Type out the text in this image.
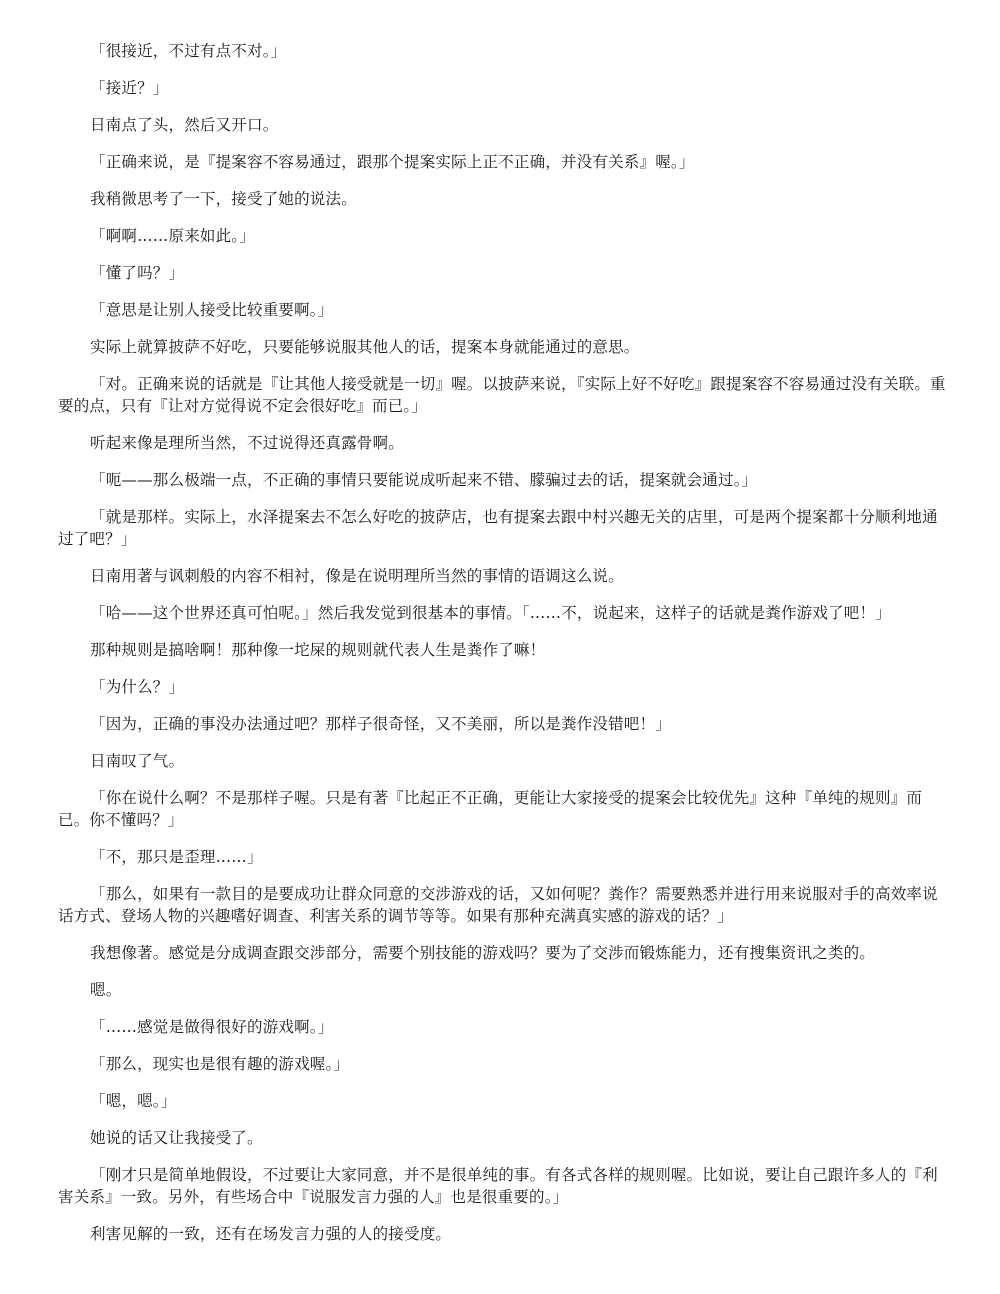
「很接近，不过有点不对。」

「接近？」

日南点了头，然后又开口。

「正确来说，是『提案容不容易通过，跟那个提案实际上正不正确，并没有关系』喔。」

我稍微思考了一下，接受了她的说法。

「啊啊……原来如此。」

「懂了吗？」

「意思是让别人接受比较重要啊。」

实际上就算披萨不好吃，只要能够说服其他人的话，提案本身就能通过的意思。

「对。正确来说的话就是『让其他人接受就是一切』喔。以披萨来说，『实际上好不好吃』跟提案容不容易通过没有关联。重要的点，只有『让对方觉得说不定会很好吃』而已。」

听起来像是理所当然，不过说得还真露骨啊。

「呃——那么极端一点，不正确的事情只要能说成听起来不错、朦骗过去的话，提案就会通过。」

「就是那样。实际上，水泽提案去不怎么好吃的披萨店，也有提案去跟中村兴趣无关的店里，可是两个提案都十分顺利地通过了吧？」

日南用著与讽刺般的内容不相衬，像是在说明理所当然的事情的语调这么说。

「哈——这个世界还真可怕呢。」然后我发觉到很基本的事情。「……不，说起来，这样子的话就是粪作游戏了吧！」

那种规则是搞啥啊！那种像一坨屎的规则就代表人生是粪作了嘛！

「为什么？」

「因为，正确的事没办法通过吧？那样子很奇怪，又不美丽，所以是粪作没错吧！」

日南叹了气。

「你在说什么啊？不是那样子喔。只是有著『比起正不正确，更能让大家接受的提案会比较优先』这种『单纯的规则』而已。你不懂吗？」

「不，那只是歪理……」

「那么，如果有一款目的是要成功让群众同意的交涉游戏的话，又如何呢？粪作？需要熟悉并进行用来说服对手的高效率说话方式、登场人物的兴趣嗜好调查、利害关系的调节等等。如果有那种充满真实感的游戏的话？」

我想像著。感觉是分成调查跟交涉部分，需要个别技能的游戏吗？要为了交涉而锻炼能力，还有搜集资讯之类的。

嗯。

「……感觉是做得很好的游戏啊。」

「那么，现实也是很有趣的游戏喔。」

「嗯，嗯。」

她说的话又让我接受了。

「刚才只是简单地假设，不过要让大家同意，并不是很单纯的事。有各式各样的规则喔。比如说，要让自己跟许多人的『利害关系』一致。另外，有些场合中『说服发言力强的人』也是很重要的。」

利害见解的一致，还有在场发言力强的人的接受度。
